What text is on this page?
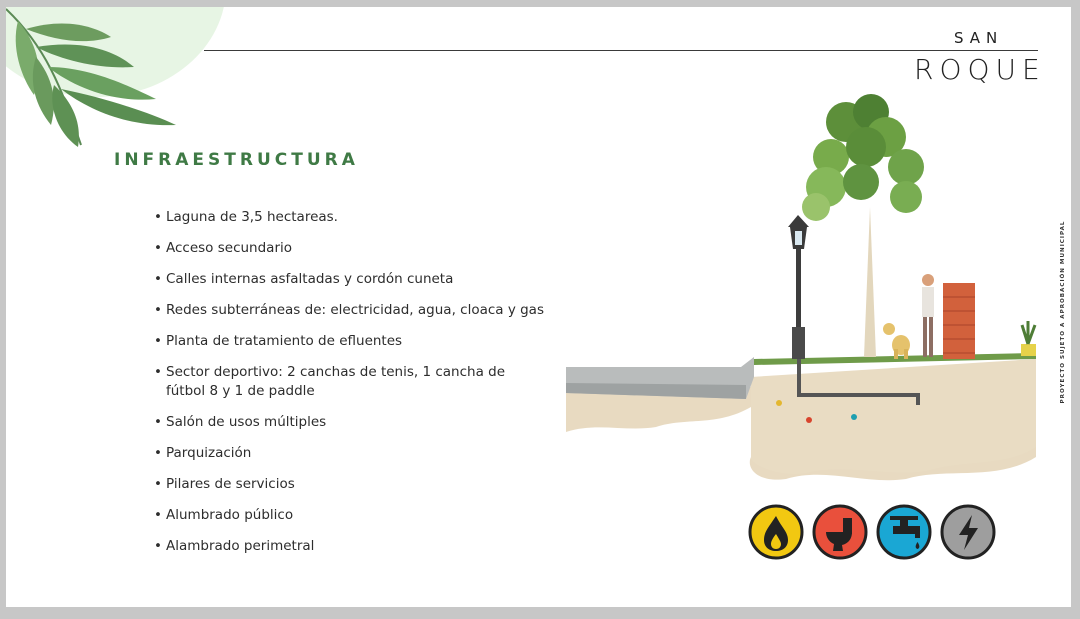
SAN
ROQUE
INFRAESTRUCTURA
• Laguna de 3,5 hectareas.
• Acceso secundario
• Calles internas asfaltadas y cordón cuneta
• Redes subterráneas de: electricidad, agua, cloaca y gas
• Planta de tratamiento de efluentes
• Sector deportivo: 2 canchas de tenis, 1 cancha de fútbol 8 y 1 de paddle
• Salón de usos múltiples
• Parquización
• Pilares de servicios
• Alumbrado público
• Alambrado perimetral
PROYECTO SUJETO A APROBACIÓN MUNICIPAL
